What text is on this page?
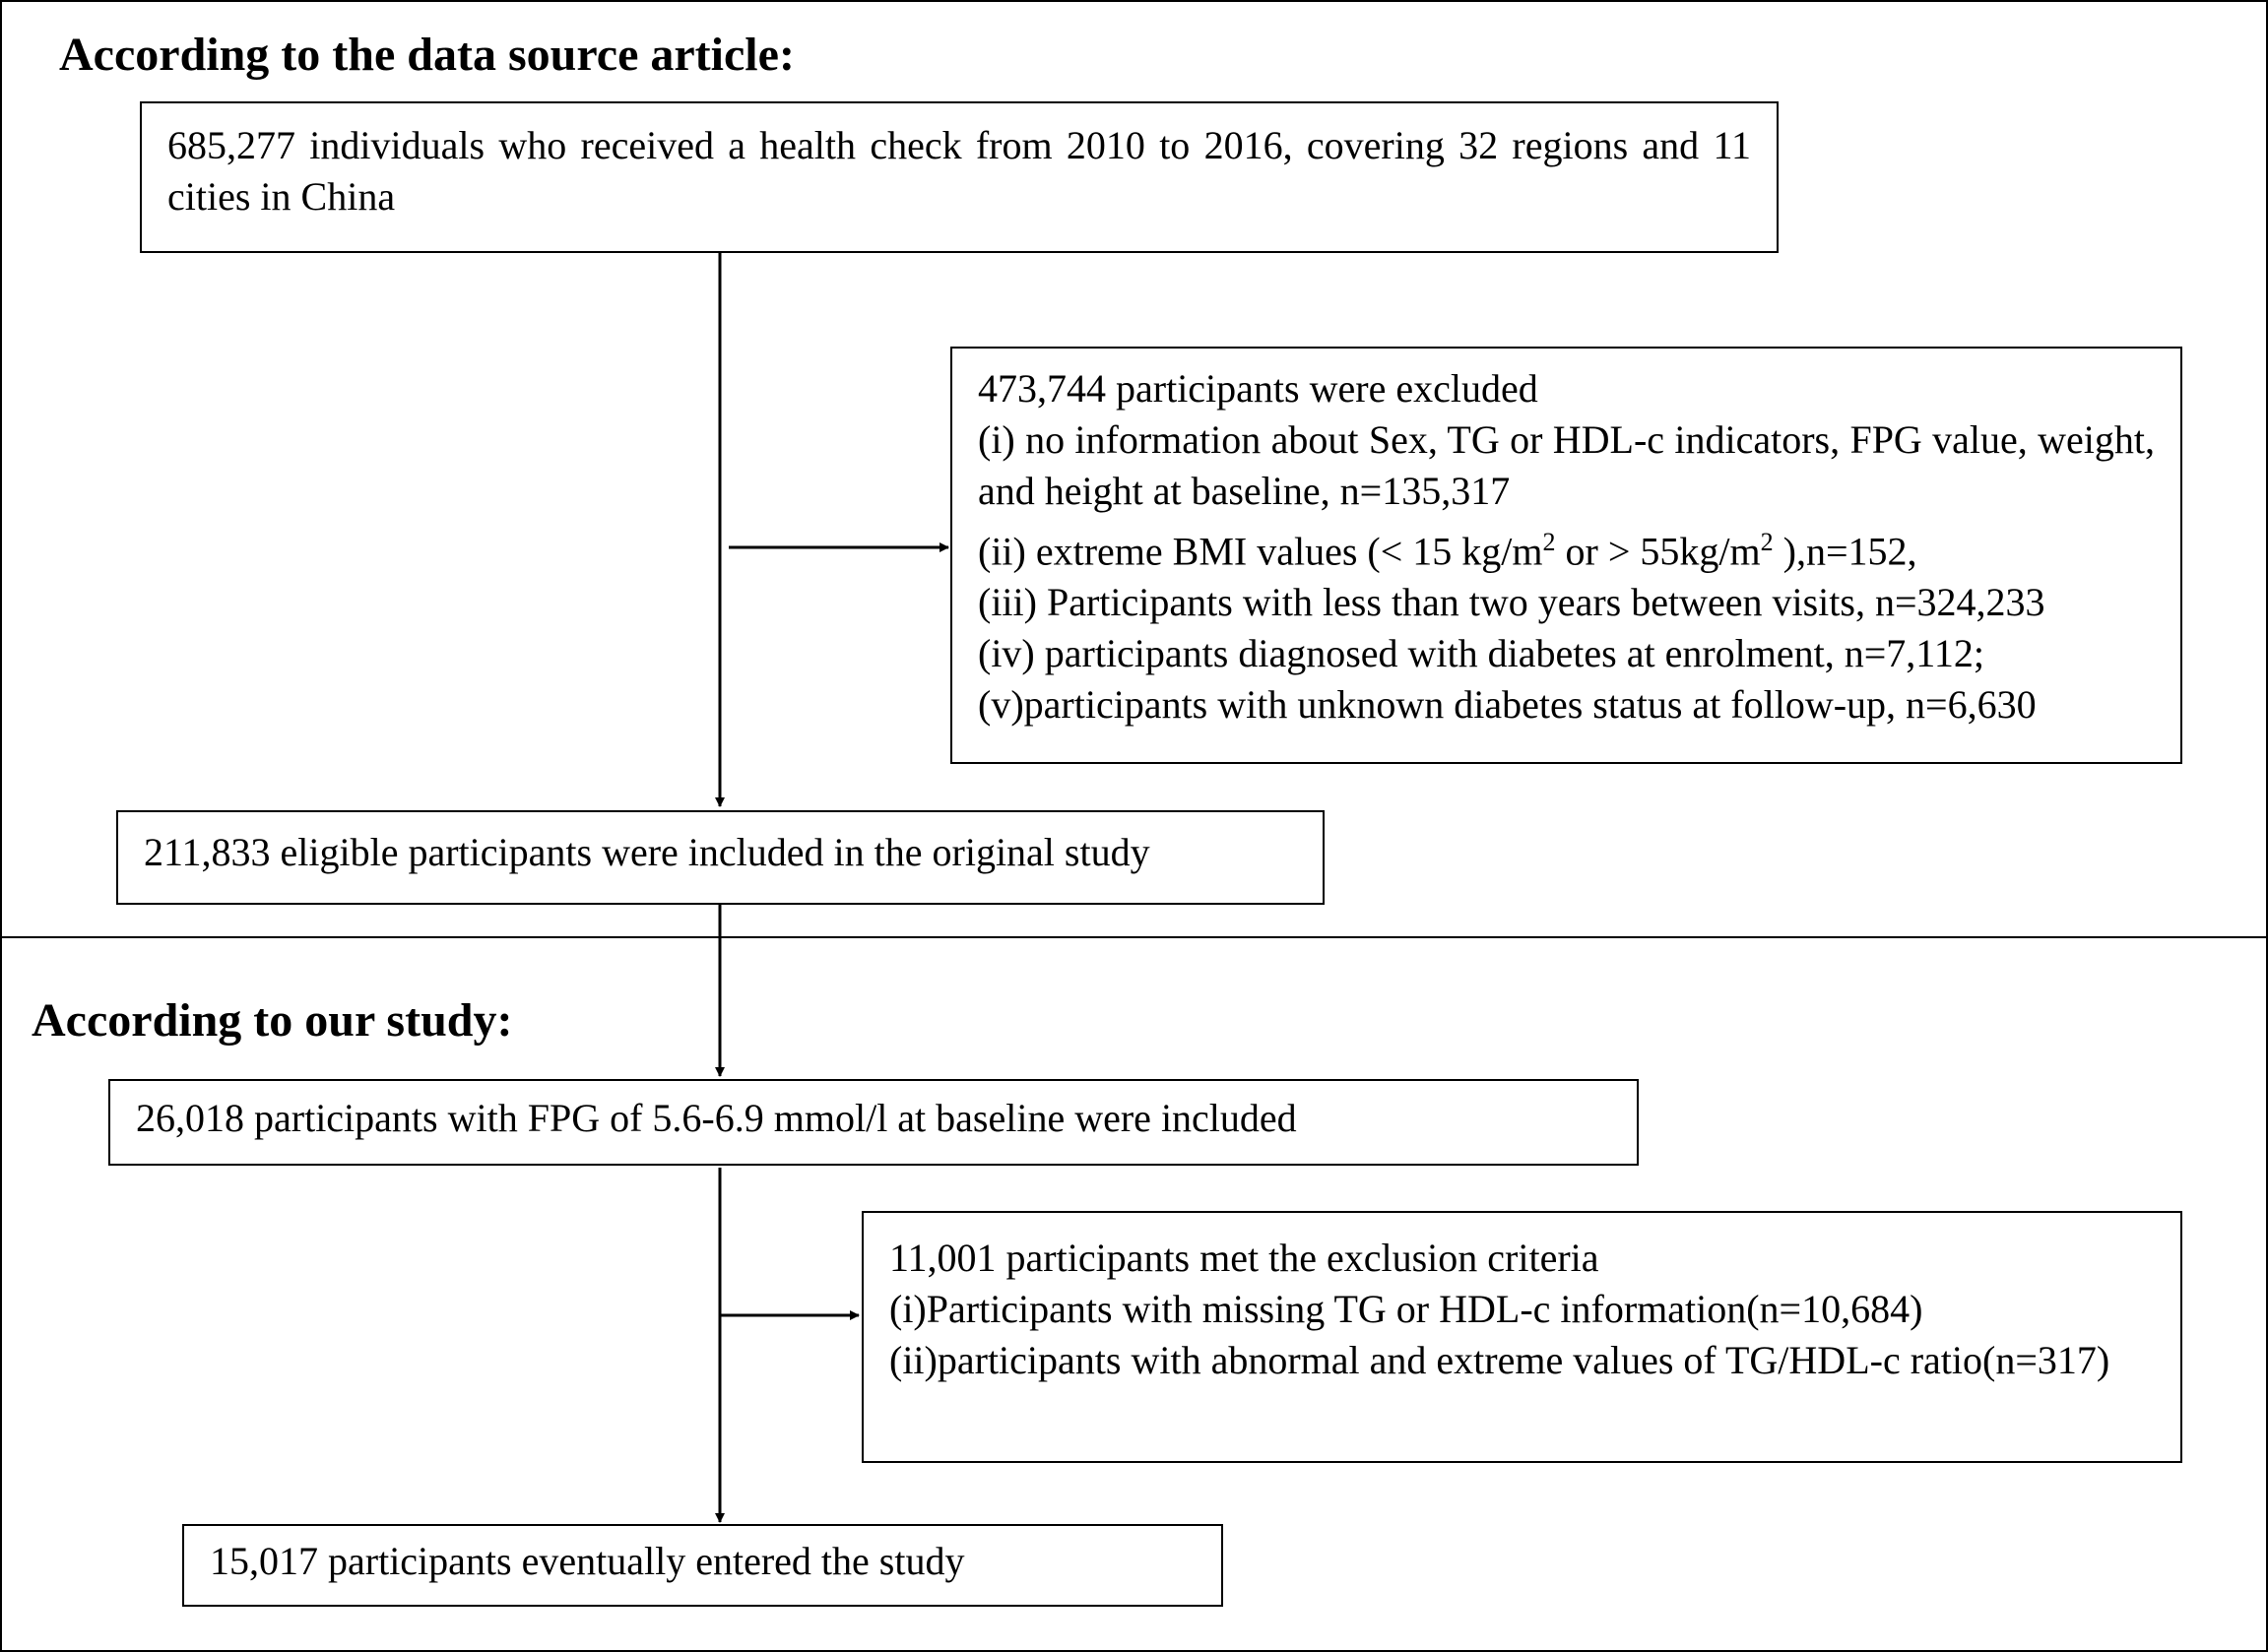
According to the data source article:
685,277 individuals who received a health check from 2010 to 2016, covering 32 regions and 11 cities in China
473,744 participants were excluded
(i) no information about Sex, TG or HDL-c indicators, FPG value, weight, and height at baseline, n=135,317
(ii) extreme BMI values (< 15 $kg/m^2$ or > $55kg/m^2$ ),n=152,
(iii) Participants with less than two years between visits, n=324,233
(iv) participants diagnosed with diabetes at enrolment, n=7,112;
(v)participants with unknown diabetes status at follow-up, n=6,630
211,833 eligible participants were included in the original study
According to our study:
26,018 participants with FPG of 5.6-6.9 mmol/l at baseline were included
11,001 participants met the exclusion criteria
(i)Participants with missing TG or HDL-c information(n=10,684)
(ii)participants with abnormal and extreme values of TG/HDL-c ratio(n=317)
15,017 participants eventually entered the study
